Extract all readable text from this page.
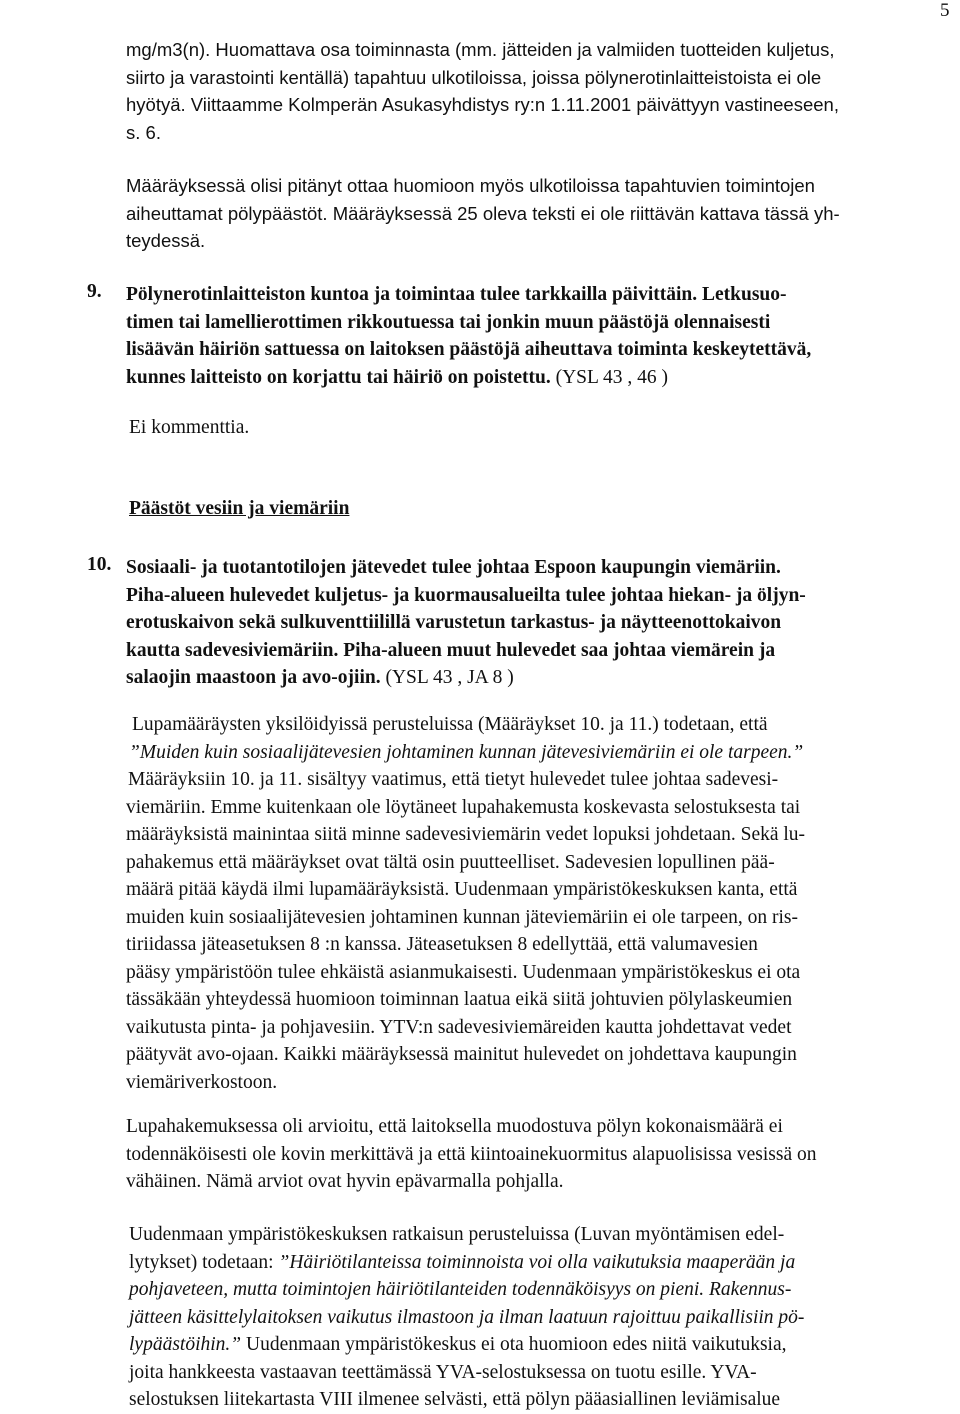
5
mg/m3(n). Huomattava osa toiminnasta (mm. jätteiden ja valmiiden tuotteiden kuljetus,
siirto ja varastointi kentällä) tapahtuu ulkotiloissa, joissa pölynerotinlaitteistoista ei ole
hyötyä. Viittaamme Kolmperän Asukasyhdistys ry:n 1.11.2001 päivättyyn vastineeseen,
s. 6.
Määräyksessä olisi pitänyt ottaa huomioon myös ulkotiloissa tapahtuvien toimintojen
aiheuttamat pölypäästöt. Määräyksessä 25 oleva teksti ei ole riittävän kattava tässä yh-
teydessä.
9. Pölynerotinlaitteiston kuntoa ja toimintaa tulee tarkkailla päivittäin. Letkusuo-
timen tai lamellierottimen rikkoutuessa tai jonkin muun päästöjä olennaisesti
lisäävän häiriön sattuessa on laitoksen päästöjä aiheuttava toiminta keskeytettävä,
kunnes laitteisto on korjattu tai häiriö on poistettu. (YSL 43 , 46 )
Ei kommenttia.
Päästöt vesiin ja viemäriin
10. Sosiaali- ja tuotantotilojen jätevedet tulee johtaa Espoon kaupungin viemäriin.
Piha-alueen hulevedet kuljetus- ja kuormausalueilta tulee johtaa hiekan- ja öljyn-
erotuskaivon sekä sulkuventtiilillä varustetun tarkastus- ja näytteenottokaivon
kautta sadevesiviemäriin. Piha-alueen muut hulevedet saa johtaa viemärein ja
salaojin maastoon ja avo-ojiin. (YSL 43 , JA 8 )
Lupamääräysten yksilöidyissä perusteluissa (Määräykset 10. ja 11.) todetaan, että
”Muiden kuin sosiaalijätevesien johtaminen kunnan jätevesiviemäriin ei ole tarpeen.”
Määräyksiin 10. ja 11. sisältyy vaatimus, että tietyt hulevedet tulee johtaa sadevesi-
viemäriin. Emme kuitenkaan ole löytäneet lupahakemusta koskevasta selostuksesta tai
määräyksistä mainintaa siitä minne sadevesiviemärin vedet lopuksi johdetaan. Sekä lu-
pahakemus että määräykset ovat tältä osin puutteelliset. Sadevesien lopullinen pää-
määrä pitää käydä ilmi lupamääräyksistä. Uudenmaan ympäristökeskuksen kanta, että
muiden kuin sosiaalijätevesien johtaminen kunnan jäteviemäriin ei ole tarpeen, on ris-
tiriidassa jäteasetuksen 8 :n kanssa. Jäteasetuksen 8 edellyttää, että valumavesien
pääsy ympäristöön tulee ehkäistä asianmukaisesti. Uudenmaan ympäristökeskus ei ota
tässäkään yhteydessä huomioon toiminnan laatua eikä siitä johtuvien pölylaskeumien
vaikutusta pinta- ja pohjavesiin. YTV:n sadevesiviemäreiden kautta johdettavat vedet
päätyvät avo-ojaan. Kaikki määräyksessä mainitut hulevedet on johdettava kaupungin
viemäriverkostoon.
Lupahakemuksessa oli arvioitu, että laitoksella muodostuva pölyn kokonaismäärä ei
todennäköisesti ole kovin merkittävä ja että kiintoainekuormitus alapuolisissa vesissä on
vähäinen. Nämä arviot ovat hyvin epävarmalla pohjalla.
Uudenmaan ympäristökeskuksen ratkaisun perusteluissa (Luvan myöntämisen edel-
lytykset) todetaan: ”Häiriötilanteissa toiminnoista voi olla vaikutuksia maaperään ja
pohjaveteen, mutta toimintojen häiriötilanteiden todennäköisyys on pieni. Rakennus-
jätteen käsittelylaitoksen vaikutus ilmastoon ja ilman laatuun rajoittuu paikallisiin pö-
lypäästöihin.” Uudenmaan ympäristökeskus ei ota huomioon edes niitä vaikutuksia,
joita hankkeesta vastaavan teettämässä YVA-selostuksessa on tuotu esille. YVA-
selostuksen liitekartasta VIII ilmenee selvästi, että pölyn pääasiallinen leviämisalue
